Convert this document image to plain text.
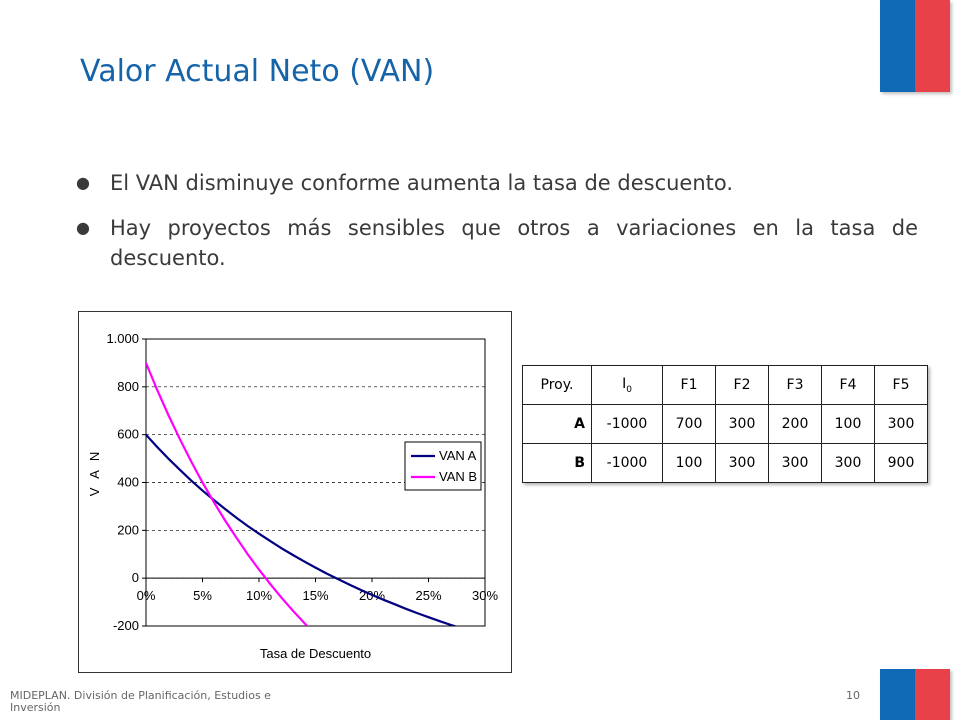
Valor Actual Neto (VAN)
● El VAN disminuye conforme aumenta la tasa de descuento.
● Hay proyectos más sensibles que otros a variaciones en la tasa de descuento.
1.000
800
600
400
200
0
-200
0%	5%	10% 15% 20% 25% 30%
Tasa de Descuento
V A N	VAN A
VAN B
Proy.	$I_0$	F1	F2	F3	F4	F5
A	-1000	700	300	200	100	300
B	-1000	100	300	300	300	900
MIDEPLAN. División de Planificación, Estudios e Inversión
10
